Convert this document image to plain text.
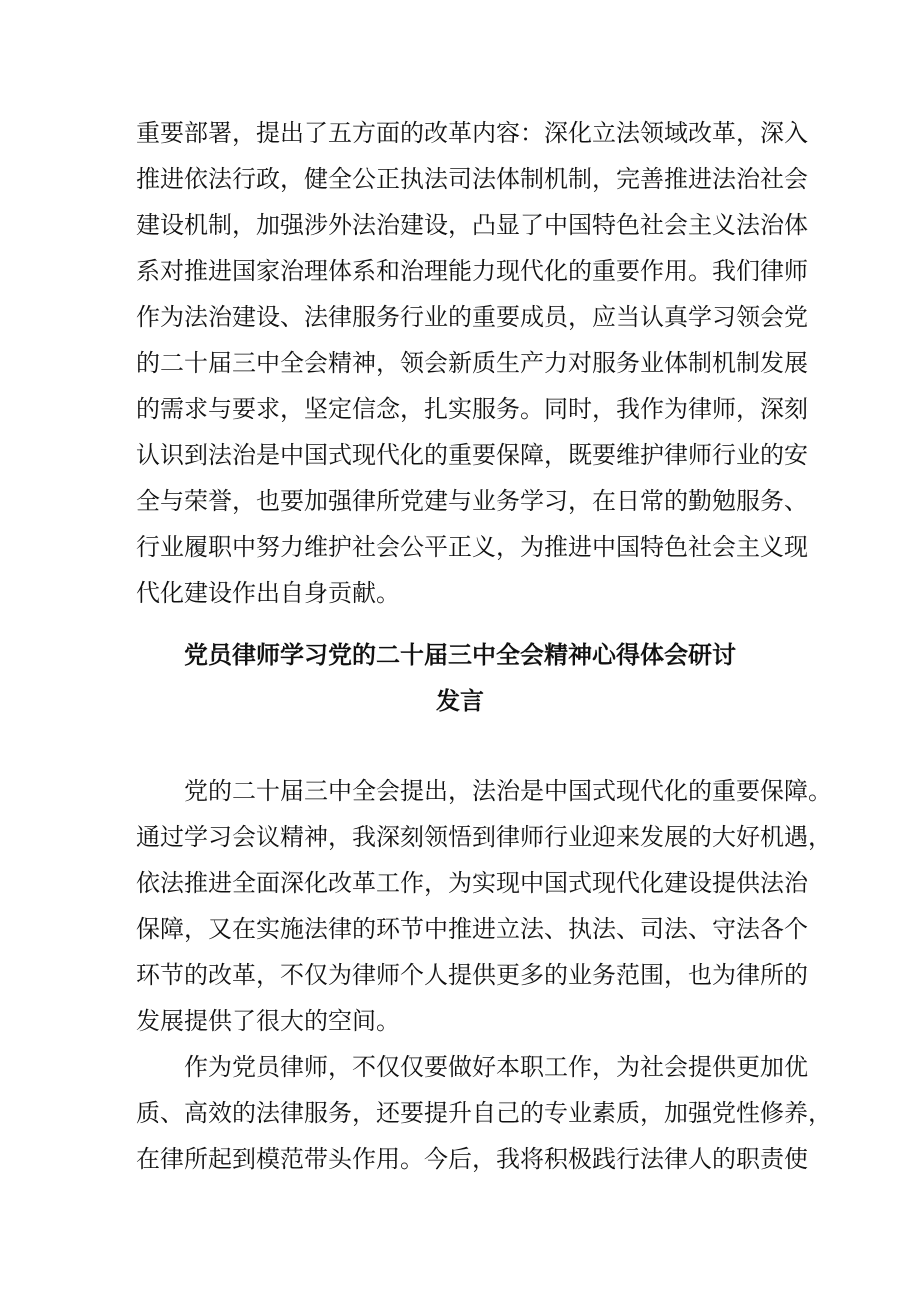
重要部署，提出了五方面的改革内容：深化立法领域改革，深入
推进依法行政，健全公正执法司法体制机制，完善推进法治社会
建设机制，加强涉外法治建设，凸显了中国特色社会主义法治体
系对推进国家治理体系和治理能力现代化的重要作用。我们律师
作为法治建设、法律服务行业的重要成员，应当认真学习领会党
的二十届三中全会精神，领会新质生产力对服务业体制机制发展
的需求与要求，坚定信念，扎实服务。同时，我作为律师，深刻
认识到法治是中国式现代化的重要保障，既要维护律师行业的安
全与荣誉，也要加强律所党建与业务学习，在日常的勤勉服务、
行业履职中努力维护社会公平正义，为推进中国特色社会主义现
代化建设作出自身贡献。
党员律师学习党的二十届三中全会精神心得体会研讨
发言
党的二十届三中全会提出，法治是中国式现代化的重要保障。
通过学习会议精神，我深刻领悟到律师行业迎来发展的大好机遇，
依法推进全面深化改革工作，为实现中国式现代化建设提供法治
保障，又在实施法律的环节中推进立法、执法、司法、守法各个
环节的改革，不仅为律师个人提供更多的业务范围，也为律所的
发展提供了很大的空间。
作为党员律师，不仅仅要做好本职工作，为社会提供更加优
质、高效的法律服务，还要提升自己的专业素质，加强党性修养，
在律所起到模范带头作用。今后，我将积极践行法律人的职责使
